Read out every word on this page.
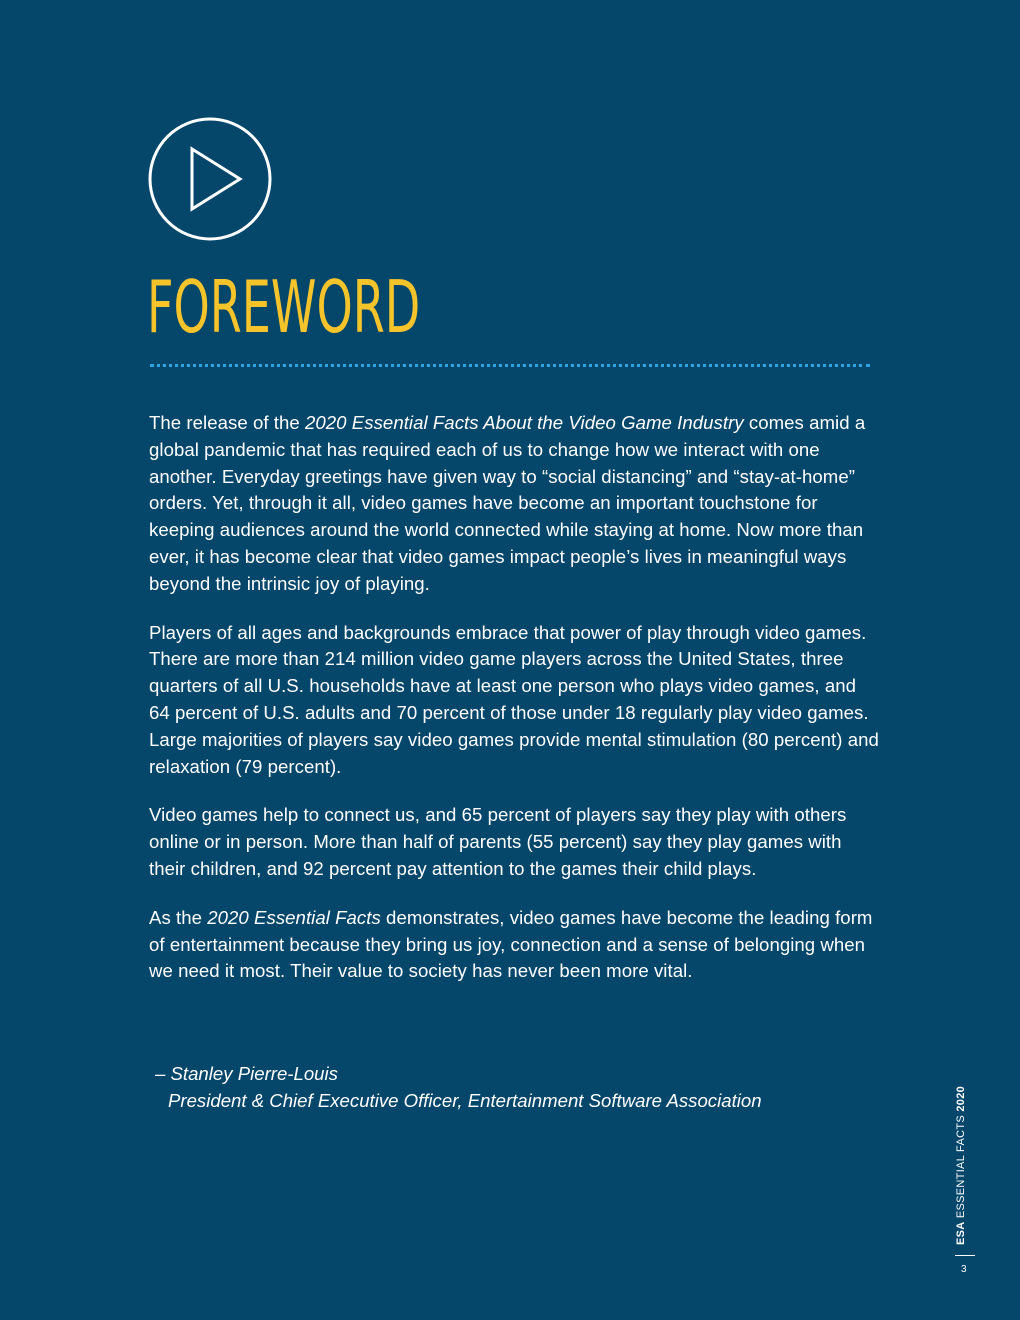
FOREWORD

The release of the 2020 Essential Facts About the Video Game Industry comes amid a global pandemic that has required each of us to change how we interact with one another. Everyday greetings have given way to “social distancing” and “stay-at-home” orders. Yet, through it all, video games have become an important touchstone for keeping audiences around the world connected while staying at home. Now more than ever, it has become clear that video games impact people’s lives in meaningful ways beyond the intrinsic joy of playing.

Players of all ages and backgrounds embrace that power of play through video games. There are more than 214 million video game players across the United States, three quarters of all U.S. households have at least one person who plays video games, and 64 percent of U.S. adults and 70 percent of those under 18 regularly play video games. Large majorities of players say video games provide mental stimulation (80 percent) and relaxation (79 percent).

Video games help to connect us, and 65 percent of players say they play with others online or in person. More than half of parents (55 percent) say they play games with their children, and 92 percent pay attention to the games their child plays.

As the 2020 Essential Facts demonstrates, video games have become the leading form of entertainment because they bring us joy, connection and a sense of belonging when we need it most. Their value to society has never been more vital.

– Stanley Pierre-Louis
President & Chief Executive Officer, Entertainment Software Association
ESA ESSENTIAL FACTS 2020
3
